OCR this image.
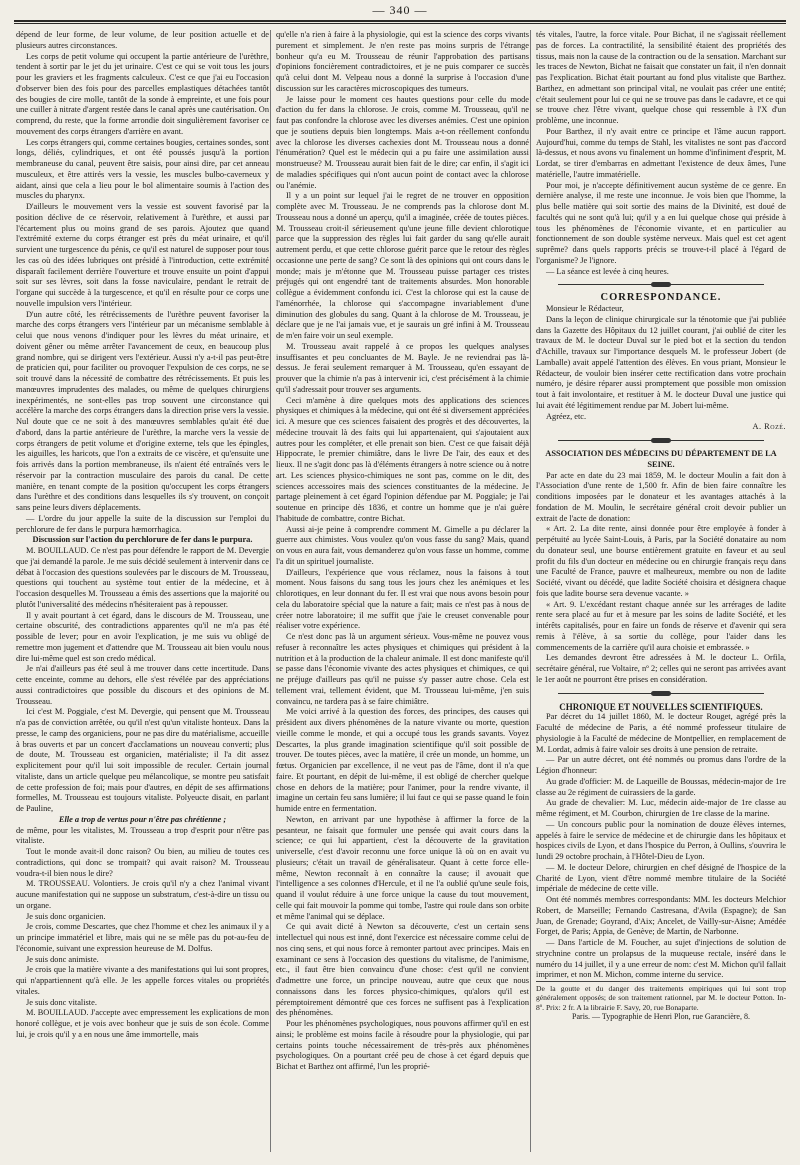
— 340 —

dépend de leur forme, de leur volume, de leur position actuelle et de plusieurs autres circonstances.

Les corps de petit volume qui occupent la partie antérieure de l'urèthre, tendent à sortir par le jet du jet urinaire. C'est ce qui se voit tous les jours pour les graviers et les fragments calculeux. C'est ce que j'ai eu l'occasion d'observer bien des fois pour des parcelles emplastiques détachées tantôt des bougies de cire molle, tantôt de la sonde à empreinte, et une fois pour une cuiller à nitrate d'argent restée dans le canal après une cautérisation. On comprend, du reste, que la forme arrondie doit singulièrement favoriser ce mouvement des corps étrangers d'arrière en avant.

Les corps étrangers qui, comme certaines bougies, certaines sondes, sont longs, déliés, cylindriques, et ont été poussés jusqu'à la portion membraneuse du canal, peuvent être saisis, pour ainsi dire, par cet anneau musculeux, et être attirés vers la vessie, les muscles bulbo-caverneux y aidant, ainsi que cela a lieu pour le bol alimentaire soumis à l'action des muscles du pharynx.

D'ailleurs le mouvement vers la vessie est souvent favorisé par la position déclive de ce réservoir, relativement à l'urèthre, et aussi par l'écartement plus ou moins grand de ses parois. Ajoutez que quand l'extrémité externe du corps étranger est près du méat urinaire, et qu'il survient une turgescence du pénis, ce qu'il est naturel de supposer pour tous les cas où des idées lubriques ont présidé à l'introduction, cette extrémité disparaît facilement derrière l'ouverture et trouve ensuite un point d'appui soit sur ses lèvres, soit dans la fosse naviculaire, pendant le retrait de l'organe qui succède à la turgescence, et qu'il en résulte pour ce corps une nouvelle impulsion vers l'intérieur.

D'un autre côté, les rétrécissements de l'urèthre peuvent favoriser la marche des corps étrangers vers l'intérieur par un mécanisme semblable à celui que nous venons d'indiquer pour les lèvres du méat urinaire, et doivent gêner ou même arrêter l'avancement de ceux, en beaucoup plus grand nombre, qui se dirigent vers l'extérieur. Aussi n'y a-t-il pas peut-être de praticien qui, pour faciliter ou provoquer l'expulsion de ces corps, ne se soit trouvé dans la nécessité de combattre des rétrécissements. Et puis les manœuvres imprudentes des malades, ou même de quelques chirurgiens inexpérimentés, ne sont-elles pas trop souvent une circonstance qui accélère la marche des corps étrangers dans la direction prise vers la vessie. Nul doute que ce ne soit à des manœuvres semblables qu'ait été due d'abord, dans la partie antérieure de l'urèthre, la marche vers la vessie de corps étrangers de petit volume et d'origine externe, tels que les épingles, les aiguilles, les haricots, que l'on a extraits de ce viscère, et qu'ensuite une fois arrivés dans la portion membraneuse, ils n'aient été entraînés vers le réservoir par la contraction musculaire des parois du canal. De cette manière, en tenant compte de la position qu'occupent les corps étrangers dans l'urèthre et des conditions dans lesquelles ils s'y trouvent, on conçoit sans peine leurs divers déplacements.

— L'ordre du jour appelle la suite de la discussion sur l'emploi du perchlorure de fer dans le purpura hæmorrhagica.

Discussion sur l'action du perchlorure de fer dans le purpura.

M. BOUILLAUD. Ce n'est pas pour défendre le rapport de M. Devergie que j'ai demandé la parole. Je me suis décidé seulement à intervenir dans ce débat à l'occasion des questions soulevées par le discours de M. Trousseau, questions qui touchent au système tout entier de la médecine, et à l'occasion desquelles M. Trousseau a émis des assertions que la majorité ou plutôt l'universalité des médecins n'hésiteraient pas à repousser.

Il y avait pourtant à cet égard, dans le discours de M. Trousseau, une certaine obscurité, des contradictions apparentes qu'il ne m'a pas été possible de lever; pour en avoir l'explication, je me suis vu obligé de remettre mon jugement et d'attendre que M. Trousseau ait bien voulu nous dire lui-même quel est son credo médical.

Je n'ai d'ailleurs pas été seul à me trouver dans cette incertitude. Dans cette enceinte, comme au dehors, elle s'est révélée par des appréciations aussi contradictoires que possible du discours et des opinions de M. Trousseau.

Ici c'est M. Poggiale, c'est M. Devergie, qui pensent que M. Trousseau n'a pas de conviction arrêtée, ou qu'il n'est qu'un vitaliste honteux. Dans la presse, le camp des organiciens, pour ne pas dire du matérialisme, accueille à bras ouverts et par un concert d'acclamations un nouveau converti; plus de doute, M. Trousseau est organicien, matérialiste; il l'a dit assez explicitement pour qu'il lui soit impossible de reculer. Certain journal vitaliste, dans un article quelque peu mélancolique, se montre peu satisfait de cette profession de foi; mais pour d'autres, en dépit de ses affirmations formelles, M. Trousseau est toujours vitaliste. Polyeucte disait, en parlant de Pauline,

Elle a trop de vertus pour n'être pas chrétienne ;

de même, pour les vitalistes, M. Trousseau a trop d'esprit pour n'être pas vitaliste.

Tout le monde avait-il donc raison? Ou bien, au milieu de toutes ces contradictions, qui donc se trompait? qui avait raison? M. Trousseau voudra-t-il bien nous le dire?

M. TROUSSEAU. Volontiers. Je crois qu'il n'y a chez l'animal vivant aucune manifestation qui ne suppose un substratum, c'est-à-dire un tissu ou un organe.

Je suis donc organicien.

Je crois, comme Descartes, que chez l'homme et chez les animaux il y a un principe immatériel et libre, mais qui ne se mêle pas du pot-au-feu de l'économie, suivant une expression heureuse de M. Dolfus.

Je suis donc animiste.

Je crois que la matière vivante a des manifestations qui lui sont propres, qui n'appartiennent qu'à elle. Je les appelle forces vitales ou propriétés vitales.

Je suis donc vitaliste.

M. BOUILLAUD. J'accepte avec empressement les explications de mon honoré collègue, et je vois avec bonheur que je suis de son école. Comme lui, je crois qu'il y a en nous une âme immortelle, mais

qu'elle n'a rien à faire à la physiologie, qui est la science des corps vivants purement et simplement. Je n'en reste pas moins surpris de l'étrange bonheur qu'a eu M. Trousseau de réunir l'approbation des partisans d'opinions foncièrement contradictoires, et je ne puis comparer ce succès qu'à celui dont M. Velpeau nous a donné la surprise à l'occasion d'une discussion sur les caractères microscopiques des tumeurs.

Je laisse pour le moment ces hautes questions pour celle du mode d'action du fer dans la chlorose. Je crois, comme M. Trousseau, qu'il ne faut pas confondre la chlorose avec les diverses anémies. C'est une opinion que je soutiens depuis bien longtemps. Mais a-t-on réellement confondu avec la chlorose les diverses cachexies dont M. Trousseau nous a donné l'énumération? Quel est le médecin qui a pu faire une assimilation aussi monstrueuse? M. Trousseau aurait bien fait de le dire; car enfin, il s'agit ici de maladies spécifiques qui n'ont aucun point de contact avec la chlorose ou l'anémie.

Il y a un point sur lequel j'ai le regret de ne trouver en opposition complète avec M. Trousseau. Je ne comprends pas la chlorose dont M. Trousseau nous a donné un aperçu, qu'il a imaginée, créée de toutes pièces. M. Trousseau croit-il sérieusement qu'une jeune fille devient chlorotique parce que la suppression des règles lui fait garder du sang qu'elle aurait autrement perdu, et que cette chlorose guérit parce que le retour des règles occasionne une perte de sang? Ce sont là des opinions qui ont cours dans le monde; mais je m'étonne que M. Trousseau puisse partager ces tristes préjugés qui ont engendré tant de traitements absurdes. Mon honorable collègue a évidemment confondu ici. C'est la chlorose qui est la cause de l'aménorrhée, la chlorose qui s'accompagne invariablement d'une diminution des globules du sang. Quant à la chlorose de M. Trousseau, je déclare que je ne l'ai jamais vue, et je saurais un gré infini à M. Trousseau de m'en faire voir un seul exemple.

M. Trousseau avait rappelé à ce propos les quelques analyses insuffisantes et peu concluantes de M. Bayle. Je ne reviendrai pas là-dessus. Je ferai seulement remarquer à M. Trousseau, qu'en essayant de prouver que la chimie n'a pas à intervenir ici, c'est précisément à la chimie qu'il s'adressait pour trouver ses arguments.

Ceci m'amène à dire quelques mots des applications des sciences physiques et chimiques à la médecine, qui ont été si diversement appréciées ici. A mesure que ces sciences faisaient des progrès et des découvertes, la médecine trouvait là des faits qui lui appartenaient, qui s'ajoutaient aux autres pour les compléter, et elle prenait son bien. C'est ce que faisait déjà Hippocrate, le premier chimiâtre, dans le livre De l'air, des eaux et des lieux. Il ne s'agit donc pas là d'éléments étrangers à notre science ou à notre art. Les sciences physico-chimiques ne sont pas, comme on le dit, des sciences accessoires mais des sciences constituantes de la médecine. Je partage pleinement à cet égard l'opinion défendue par M. Poggiale; je l'ai soutenue en principe dès 1836, et contre un homme que je n'ai guère l'habitude de combattre, contre Bichat.

Aussi ai-je peine à comprendre comment M. Gimelle a pu déclarer la guerre aux chimistes. Vous voulez qu'on vous fasse du sang? Mais, quand on vous en aura fait, vous demanderez qu'on vous fasse un homme, comme l'a dit un spirituel journaliste.

D'ailleurs, l'expérience que vous réclamez, nous la faisons à tout moment. Nous faisons du sang tous les jours chez les anémiques et les chlorotiques, en leur donnant du fer. Il est vrai que nous avons besoin pour cela du laboratoire spécial que la nature a fait; mais ce n'est pas à nous de créer notre laboratoire; il me suffit que j'aie le creuset convenable pour réaliser votre expérience.

Ce n'est donc pas là un argument sérieux. Vous-même ne pouvez vous refuser à reconnaître les actes physiques et chimiques qui président à la nutrition et à la production de la chaleur animale. Il est donc manifeste qu'il se passe dans l'économie vivante des actes physiques et chimiques, ce qui ne préjuge d'ailleurs pas qu'il ne puisse s'y passer autre chose. Cela est tellement vrai, tellement évident, que M. Trousseau lui-même, j'en suis convaincu, ne tardera pas à se faire chimiâtre.

Me voici arrivé à la question des forces, des principes, des causes qui président aux divers phénomènes de la nature vivante ou morte, question vieille comme le monde, et qui a occupé tous les grands savants. Voyez Descartes, la plus grande imagination scientifique qu'il soit possible de trouver. De toutes pièces, avec la matière, il crée un monde, un homme, un fœtus. Organicien par excellence, il ne veut pas de l'âme, dont il n'a que faire. Et pourtant, en dépit de lui-même, il est obligé de chercher quelque chose en dehors de la matière; pour l'animer, pour la rendre vivante, il imagine un certain feu sans lumière; il lui faut ce qui se passe quand le foin humide entre en fermentation.

Newton, en arrivant par une hypothèse à affirmer la force de la pesanteur, ne faisait que formuler une pensée qui avait cours dans la science; ce qui lui appartient, c'est la découverte de la gravitation universelle, c'est d'avoir reconnu une force unique là où on en avait vu plusieurs; c'était un travail de généralisateur. Quant à cette force elle-même, Newton reconnaît à en connaître la cause; il avouait que l'intelligence a ses colonnes d'Hercule, et il ne l'a oublié qu'une seule fois, quand il voulut réduire à une force unique la cause du tout mouvement, celle qui fait mouvoir la pomme qui tombe, l'astre qui roule dans son orbite et même l'animal qui se déplace.

Ce qui avait dicté à Newton sa découverte, c'est un certain sens intellectuel qui nous est inné, dont l'exercice est nécessaire comme celui de nos cinq sens, et qui nous force à remonter partout avec principes. Mais en examinant ce sens à l'occasion des questions du vitalisme, de l'animisme, etc., il faut être bien convaincu d'une chose: c'est qu'il ne convient d'admettre une force, un principe nouveau, autre que ceux que nous connaissons dans les forces physico-chimiques, qu'alors qu'il est péremptoirement démontré que ces forces ne suffisent pas à l'explication des phénomènes.

Pour les phénomènes psychologiques, nous pouvons affirmer qu'il en est ainsi; le problème est moins facile à résoudre pour la physiologie, qui par certains points touche nécessairement de très-près aux phénomènes psychologiques. On a pourtant créé peu de chose à cet égard depuis que Bichat et Barthez ont affirmé, l'un les proprié-

tés vitales, l'autre, la force vitale. Pour Bichat, il ne s'agissait réellement pas de forces. La contractilité, la sensibilité étaient des propriétés des tissus, mais non la cause de la contraction ou de la sensation. Marchant sur les traces de Newton, Bichat ne faisait que constater un fait, il n'en donnait pas l'explication. Bichat était pourtant au fond plus vitaliste que Barthez. Barthez, en admettant son principal vital, ne voulait pas créer une entité; c'était seulement pour lui ce qui ne se trouve pas dans le cadavre, et ce qui se trouve chez l'être vivant, quelque chose qui ressemble à l'X d'un problème, une inconnue.

Pour Barthez, il n'y avait entre ce principe et l'âme aucun rapport. Aujourd'hui, comme du temps de Stahl, les vitalistes ne sont pas d'accord là-dessus, et nous avons vu finalement un homme d'infiniment d'esprit, M. Lordat, se tirer d'embarras en admettant l'existence de deux âmes, l'une matérielle, l'autre immatérielle.

Pour moi, je n'accepte définitivement aucun système de ce genre. En dernière analyse, il me reste une inconnue. Je vois bien que l'homme, la plus belle matière qui soit sortie des mains de la Divinité, est doué de facultés qui ne sont qu'à lui; qu'il y a en lui quelque chose qui préside à tous les phénomènes de l'économie vivante, et en particulier au fonctionnement de son double système nerveux. Mais quel est cet agent suprême? dans quels rapports précis se trouve-t-il placé à l'égard de l'organisme? Je l'ignore.

— La séance est levée à cinq heures.

CORRESPONDANCE.

Monsieur le Rédacteur,

Dans la leçon de clinique chirurgicale sur la ténotomie que j'ai publiée dans la Gazette des Hôpitaux du 12 juillet courant, j'ai oublié de citer les travaux de M. le docteur Duval sur le pied bot et la section du tendon d'Achille, travaux sur l'importance desquels M. le professeur Jobert (de Lamballe) avait appelé l'attention des élèves. En vous priant, Monsieur le Rédacteur, de vouloir bien insérer cette rectification dans votre prochain numéro, je désire réparer aussi promptement que possible mon omission tout à fait involontaire, et restituer à M. le docteur Duval une justice qui lui avait été légitimement rendue par M. Jobert lui-même.

Agréez, etc.

A. Rozé.

ASSOCIATION DES MÉDECINS DU DÉPARTEMENT DE LA SEINE.

Par acte en date du 23 mai 1859, M. le docteur Moulin a fait don à l'Association d'une rente de 1,500 fr. Afin de bien faire connaître les conditions imposées par le donateur et les avantages attachés à la fondation de M. Moulin, le secrétaire général croit devoir publier un extrait de l'acte de donation:

« Art. 2. La dite rente, ainsi donnée pour être employée à fonder à perpétuité au lycée Saint-Louis, à Paris, par la Société donataire au nom du donateur seul, une bourse entièrement gratuite en faveur et au seul profit du fils d'un docteur en médecine ou en chirurgie français reçu dans une Faculté de France, pauvre et malheureux, membre ou non de ladite Société, vivant ou décédé, que ladite Société choisira et désignera chaque fois que ladite bourse sera devenue vacante. »

« Art. 9. L'excédant restant chaque année sur les arrérages de ladite rente sera placé au fur et à mesure par les soins de ladite Société, et les intérêts capitalisés, pour en faire un fonds de réserve et d'avenir qui sera remis à l'élève, à sa sortie du collège, pour l'aider dans les commencements de la carrière qu'il aura choisie et embrassée. »

Les demandes devront être adressées à M. le docteur L. Orfila, secrétaire général, rue Voltaire, nº 2; celles qui ne seront pas arrivées avant le 1er août ne pourront être prises en considération.

CHRONIQUE ET NOUVELLES SCIENTIFIQUES.

Par décret du 14 juillet 1860, M. le docteur Rouget, agrégé près la Faculté de médecine de Paris, a été nommé professeur titulaire de physiologie à la Faculté de médecine de Montpellier, en remplacement de M. Lordat, admis à faire valoir ses droits à une pension de retraite.

— Par un autre décret, ont été nommés ou promus dans l'ordre de la Légion d'honneur:

Au grade d'officier: M. de Laqueille de Boussas, médecin-major de 1re classe au 2e régiment de cuirassiers de la garde.

Au grade de chevalier: M. Luc, médecin aide-major de 1re classe au même régiment, et M. Courbon, chirurgien de 1re classe de la marine.

— Un concours public pour la nomination de douze élèves internes, appelés à faire le service de médecine et de chirurgie dans les hôpitaux et hospices civils de Lyon, et dans l'hospice du Perron, à Oullins, s'ouvrira le lundi 29 octobre prochain, à l'Hôtel-Dieu de Lyon.

— M. le docteur Delore, chirurgien en chef désigné de l'hospice de la Charité de Lyon, vient d'être nommé membre titulaire de la Société impériale de médecine de cette ville.

Ont été nommés membres correspondants: MM. les docteurs Melchior Robert, de Marseille; Fernando Castresana, d'Avila (Espagne); de San Juan, de Grenade; Goyrand, d'Aix; Ancelet, de Vailly-sur-Aisne; Amédée Forget, de Paris; Appia, de Genève; de Martin, de Narbonne.

— Dans l'article de M. Foucher, au sujet d'injections de solution de strychnine contre un prolapsus de la muqueuse rectale, inséré dans le numéro du 14 juillet, il y a une erreur de nom: c'est M. Michon qu'il fallait imprimer, et non M. Michon, comme interne du service.

De la goutte et du danger des traitements empiriques qui lui sont trop généralement opposés; de son traitement rationnel, par M. le docteur Potton. In-8º. Prix: 2 fr. A la librairie F. Savy, 20, rue Bonaparte.

Paris. — Typographie de Henri Plon, rue Garancière, 8.
